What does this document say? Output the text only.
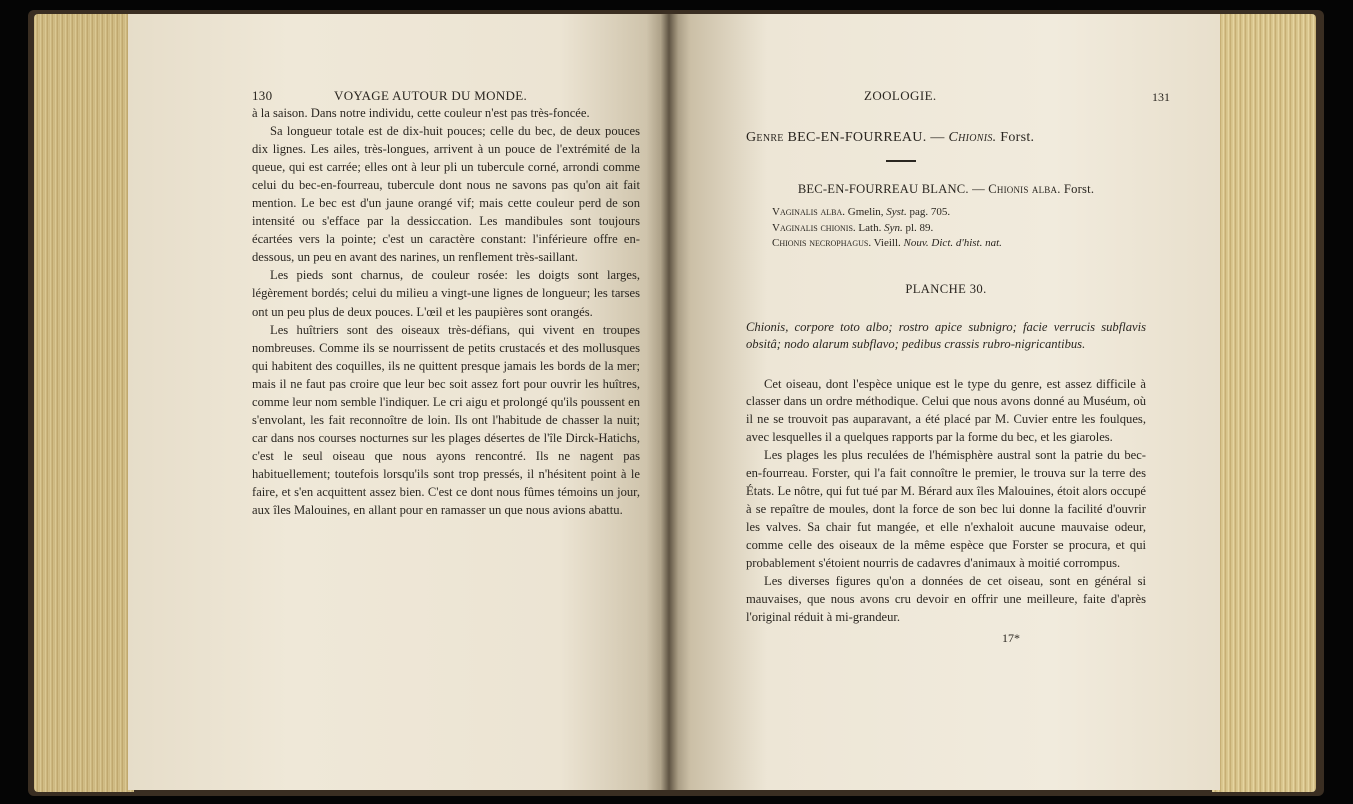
130	VOYAGE AUTOUR DU MONDE.

à la saison. Dans notre individu, cette couleur n'est pas très-foncée.

Sa longueur totale est de dix-huit pouces; celle du bec, de deux pouces dix lignes. Les ailes, très-longues, arrivent à un pouce de l'extrémité de la queue, qui est carrée; elles ont à leur pli un tubercule corné, arrondi comme celui du bec-en-fourreau, tubercule dont nous ne savons pas qu'on ait fait mention. Le bec est d'un jaune orangé vif; mais cette couleur perd de son intensité ou s'efface par la dessiccation. Les mandibules sont toujours écartées vers la pointe; c'est un caractère constant: l'inférieure offre en-dessous, un peu en avant des narines, un renflement très-saillant.

Les pieds sont charnus, de couleur rosée: les doigts sont larges, légèrement bordés; celui du milieu a vingt-une lignes de longueur; les tarses ont un peu plus de deux pouces. L'œil et les paupières sont orangés.

Les huîtriers sont des oiseaux très-défians, qui vivent en troupes nombreuses. Comme ils se nourrissent de petits crustacés et des mollusques qui habitent des coquilles, ils ne quittent presque jamais les bords de la mer; mais il ne faut pas croire que leur bec soit assez fort pour ouvrir les huîtres, comme leur nom semble l'indiquer. Le cri aigu et prolongé qu'ils poussent en s'envolant, les fait reconnoître de loin. Ils ont l'habitude de chasser la nuit; car dans nos courses nocturnes sur les plages désertes de l'île Dirck-Hatichs, c'est le seul oiseau que nous ayons rencontré. Ils ne nagent pas habituellement; toutefois lorsqu'ils sont trop pressés, il n'hésitent point à le faire, et s'en acquittent assez bien. C'est ce dont nous fûmes témoins un jour, aux îles Malouines, en allant pour en ramasser un que nous avions abattu.

ZOOLOGIE.	131
Genre BEC-EN-FOURREAU. — Chionis. Forst.
BEC-EN-FOURREAU BLANC. — Chionis alba. Forst.
Vaginalis alba. Gmelin, Syst. pag. 705.
Vaginalis chionis. Lath. Syn. pl. 89.
Chionis necrophagus. Vieill. Nouv. Dict. d'hist. nat.
PLANCHE 30.
Chionis, corpore toto albo; rostro apice subnigro; facie verrucis subflavis obsitâ; nodo alarum subflavo; pedibus crassis rubro-nigricantibus.

Cet oiseau, dont l'espèce unique est le type du genre, est assez difficile à classer dans un ordre méthodique. Celui que nous avons donné au Muséum, où il ne se trouvoit pas auparavant, a été placé par M. Cuvier entre les foulques, avec lesquelles il a quelques rapports par la forme du bec, et les giaroles.

Les plages les plus reculées de l'hémisphère austral sont la patrie du bec-en-fourreau. Forster, qui l'a fait connoître le premier, le trouva sur la terre des États. Le nôtre, qui fut tué par M. Bérard aux îles Malouines, étoit alors occupé à se repaître de moules, dont la force de son bec lui donne la facilité d'ouvrir les valves. Sa chair fut mangée, et elle n'exhaloit aucune mauvaise odeur, comme celle des oiseaux de la même espèce que Forster se procura, et qui probablement s'étoient nourris de cadavres d'animaux à moitié corrompus.

Les diverses figures qu'on a données de cet oiseau, sont en général si mauvaises, que nous avons cru devoir en offrir une meilleure, faite d'après l'original réduit à mi-grandeur.

17*
